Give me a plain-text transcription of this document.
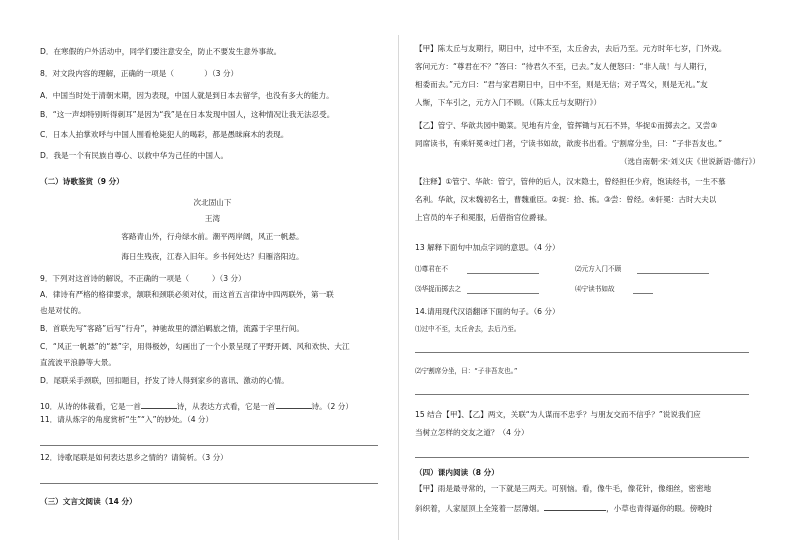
D．在寒假的户外活动中，同学们要注意安全，防止不要发生意外事故。
8．对文段内容的理解，正确的一项是（　　　　）（3 分）
A．中国当时处于清朝末期，因为表现，中国人就是到日本去留学，也没有多大的能力。
B．“这一声却特别听得刺耳”是因为“我”是在日本发现中国人，这种情况让我无法忍受。
C．日本人拍掌欢呼与中国人围看枪毙犯人的喝彩，都是愚昧麻木的表现。
D．我是一个有民族自尊心、以救中华为己任的中国人。
（二）诗歌鉴赏（9 分）
次北固山下
王湾
客路青山外，行舟绿水前。潮平两岸阔，风正一帆悬。
海日生残夜，江春入旧年。乡书何处达？归雁洛阳边。
9．下列对这首诗的解说，不正确的一项是（　　　）（3 分）
A．律诗有严格的格律要求，颔联和颈联必须对仗，而这首五言律诗中四两联外，第一联
也是对仗的。
B．首联先写“客路”后写“行舟”，神驰故里的漂泊羁旅之情，流露于字里行间。
C．“风正一帆悬”的“悬”字，用得极妙，勾画出了一个小景呈现了平野开阔、风和欢快、大江
直流波平浪静等大景。
D．尾联采手颈联，回扣题目，抒发了诗人得到家乡的喜讯、激动的心情。
10．从诗的体裁看，它是一首	诗，从表达方式看，它是一首	诗。（2 分）
11．请从炼字的角度赏析“生”“入”的妙处。（4 分）
12．诗歌尾联是如何表达思乡之情的？请简析。（3 分）
（三）文言文阅读（14 分）
【甲】陈太丘与友期行，期日中，过中不至，太丘舍去，去后乃至。元方时年七岁，门外戏。
客问元方：“尊君在不？”答曰：“待君久不至，已去。”友人便怒曰：“非人哉！与人期行，
相委而去。”元方曰：“君与家君期日中，日中不至，则是无信；对子骂父，则是无礼。”友
人惭，下车引之，元方入门不顾。（《陈太丘与友期行》）
【乙】管宁、华歆共园中锄菜。见地有片金，管挥锄与瓦石不异，华捉①而掷去之。又尝③
同席读书，有乘轩冕④过门者，宁读书如故，歆废书出看。宁割席分坐，曰：“子非吾友也。”
（选自南朝·宋·刘义庆《世说新语·德行》）
【注释】①管宁、华歆：管宁，管仲的后人，汉末隐士，曾经担任少府，饱读经书，一生不慕
名利。华歆，汉末魏初名士，曹魏重臣。②捉：拾、拣。③尝：曾经。④轩冕：古时大夫以
上官员的车子和冕服，后借指官位爵禄。
13 解释下面句中加点字词的意思。（4 分）
⑴尊君在不	⑵元方入门不顾
⑶华捉而掷去之	⑷宁读书如故
14.请用现代汉语翻译下面的句子。（6 分）
⑴过中不至，太丘舍去，去后乃至。
⑵宁割席分坐，曰：“子非吾友也。”
15 结合【甲】、【乙】两文，关联“为人谋而不忠乎？与朋友交而不信乎？”说说我们应
当树立怎样的交友之道？（4 分）
（四）课内阅读（8 分）
【甲】雨是最寻常的，一下就是三两天。可别恼。看，像牛毛，像花针，像细丝，密密地
斜织着，人家屋顶上全笼着一层薄烟。	，小草也青得逼你的眼。傍晚时
